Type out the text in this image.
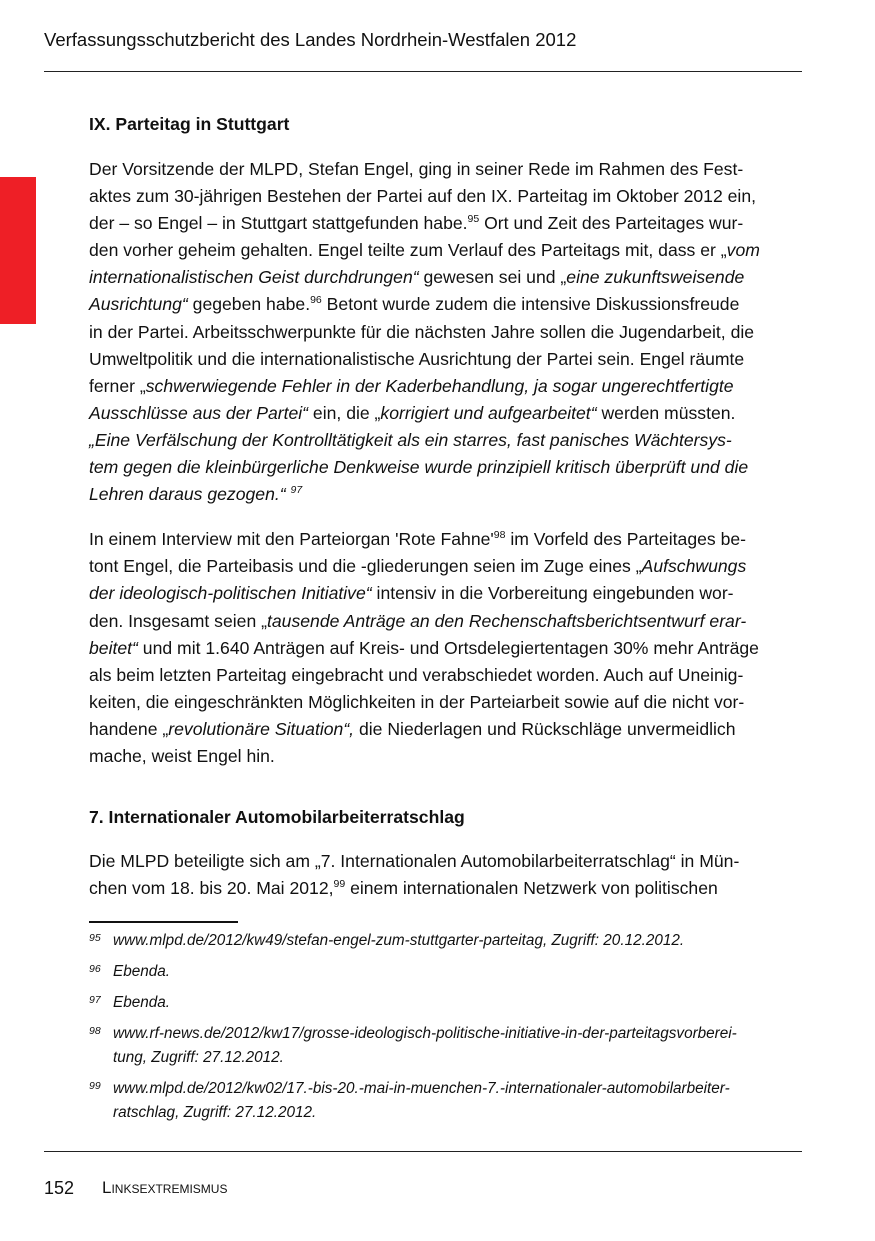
Verfassungsschutzbericht des Landes Nordrhein-Westfalen 2012
IX. Parteitag in Stuttgart
Der Vorsitzende der MLPD, Stefan Engel, ging in seiner Rede im Rahmen des Fest-
aktes zum 30-jährigen Bestehen der Partei auf den IX. Parteitag im Oktober 2012 ein,
der – so Engel – in Stuttgart stattgefunden habe.$^{95}$ Ort und Zeit des Parteitages wur-
den vorher geheim gehalten. Engel teilte zum Verlauf des Parteitags mit, dass er „vom
internationalistischen Geist durchdrungen“ gewesen sei und „eine zukunftsweisende
Ausrichtung“ gegeben habe.$^{96}$ Betont wurde zudem die intensive Diskussionsfreude
in der Partei. Arbeitsschwerpunkte für die nächsten Jahre sollen die Jugendarbeit, die
Umweltpolitik und die internationalistische Ausrichtung der Partei sein. Engel räumte
ferner „schwerwiegende Fehler in der Kaderbehandlung, ja sogar ungerechtfertigte
Ausschlüsse aus der Partei“ ein, die „korrigiert und aufgearbeitet“ werden müssten.
„Eine Verfälschung der Kontrolltätigkeit als ein starres, fast panisches Wächtersys-
tem gegen die kleinbürgerliche Denkweise wurde prinzipiell kritisch überprüft und die
Lehren daraus gezogen.“ $^{97}$
In einem Interview mit den Parteiorgan 'Rote Fahne'$^{98}$ im Vorfeld des Parteitages be-
tont Engel, die Parteibasis und die -gliederungen seien im Zuge eines „Aufschwungs
der ideologisch-politischen Initiative“ intensiv in die Vorbereitung eingebunden wor-
den. Insgesamt seien „tausende Anträge an den Rechenschaftsberichtsentwurf erar-
beitet“ und mit 1.640 Anträgen auf Kreis- und Ortsdelegiertentagen 30% mehr Anträge
als beim letzten Parteitag eingebracht und verabschiedet worden. Auch auf Uneinig-
keiten, die eingeschränkten Möglichkeiten in der Parteiarbeit sowie auf die nicht vor-
handene „revolutionäre Situation“, die Niederlagen und Rückschläge unvermeidlich
mache, weist Engel hin.
7. Internationaler Automobilarbeiterratschlag
Die MLPD beteiligte sich am „7. Internationalen Automobilarbeiterratschlag“ in Mün-
chen vom 18. bis 20. Mai 2012,99 einem internationalen Netzwerk von politischen
95 www.mlpd.de/2012/kw49/stefan-engel-zum-stuttgarter-parteitag, Zugriff: 20.12.2012.
96 Ebenda.
97 Ebenda.
98 www.rf-news.de/2012/kw17/grosse-ideologisch-politische-initiative-in-der-parteitagsvorberei-
tung, Zugriff: 27.12.2012.
99 www.mlpd.de/2012/kw02/17.-bis-20.-mai-in-muenchen-7.-internationaler-automobilarbeiter-
ratschlag, Zugriff: 27.12.2012.
152 Linksextremismus
